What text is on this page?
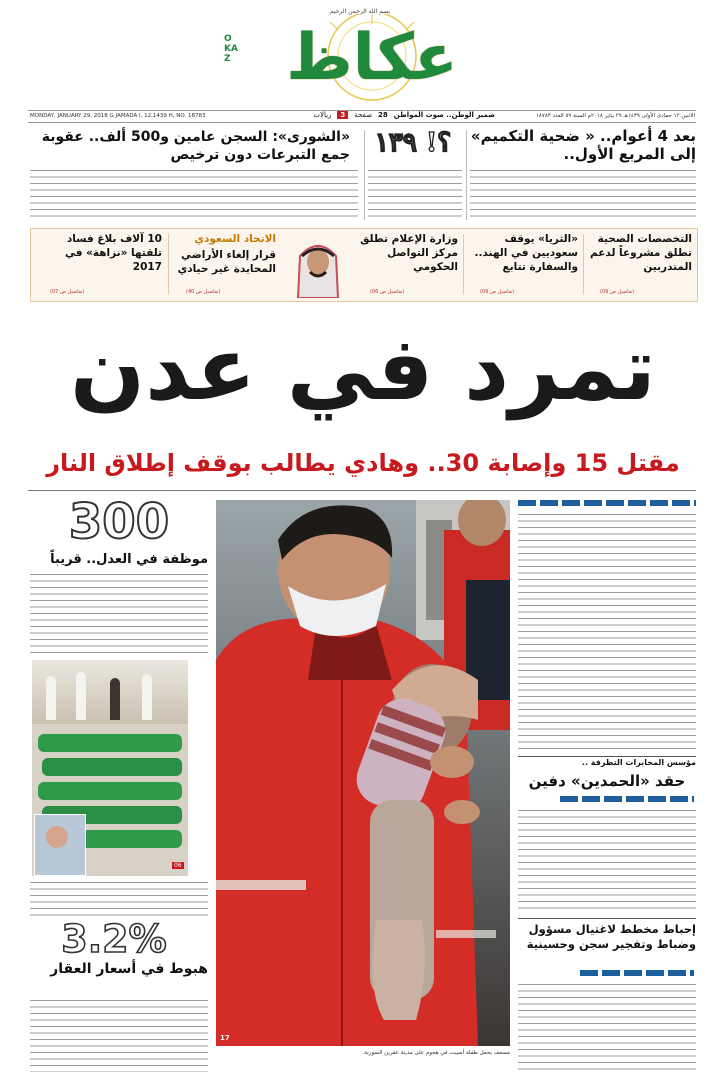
بسم الله الرحمن الرحيم
عكاظ
OKAZ
MONDAY, JANUARY 29, 2018 G JAMADA I, 12,1439 H, NO. 18783	الاثنين ١٢ جمادى الأولى ١٤٣٩هـ ٢٩ يناير ٢٠١٨م السنة ٥٩ العدد ١٨٧٨٣
ضمير الوطن.. صوت المواطن
28
صفحة
3
ريالات
بعد 4 أعوام.. « ضحية التكميم» إلى المربع الأول..
؟! ١٣٩
«الشورى»: السجن عامين و500 ألف.. عقوبة جمع التبرعات دون ترخيص
التخصصات الصحية تطلق مشروعاً لدعم المتدربين
(تفاصيل ص 09)
«الثريا» يوقف سعوديين في الهند.. والسفارة تتابع
(تفاصيل ص 09)
وزارة الإعلام تطلق مركز التواصل الحكومي
(تفاصيل ص 06)
الاتحاد السعودي
قرار إلغاء الأراضي المحايدة غير حيادي
(تفاصيل ص 40)
10 آلاف بلاغ فساد تلقتها «نزاهة» في 2017
(تفاصيل ص 07)
تمرد في عدن
مقتل 15 وإصابة 30.. وهادي يطالب بوقف إطلاق النار
300
موظفة في العدل.. قريباً
06
3.2%
هبوط في أسعار العقار
17
مسعف يحمل طفلة أصيبت في هجوم على مدينة عفرين السورية.
مؤسس المخابرات التطرفة ..
حقد «الحمدين» دفين
إحباط مخطط لاغتيال مسؤول وضباط وتفجير سجن وحسينية
